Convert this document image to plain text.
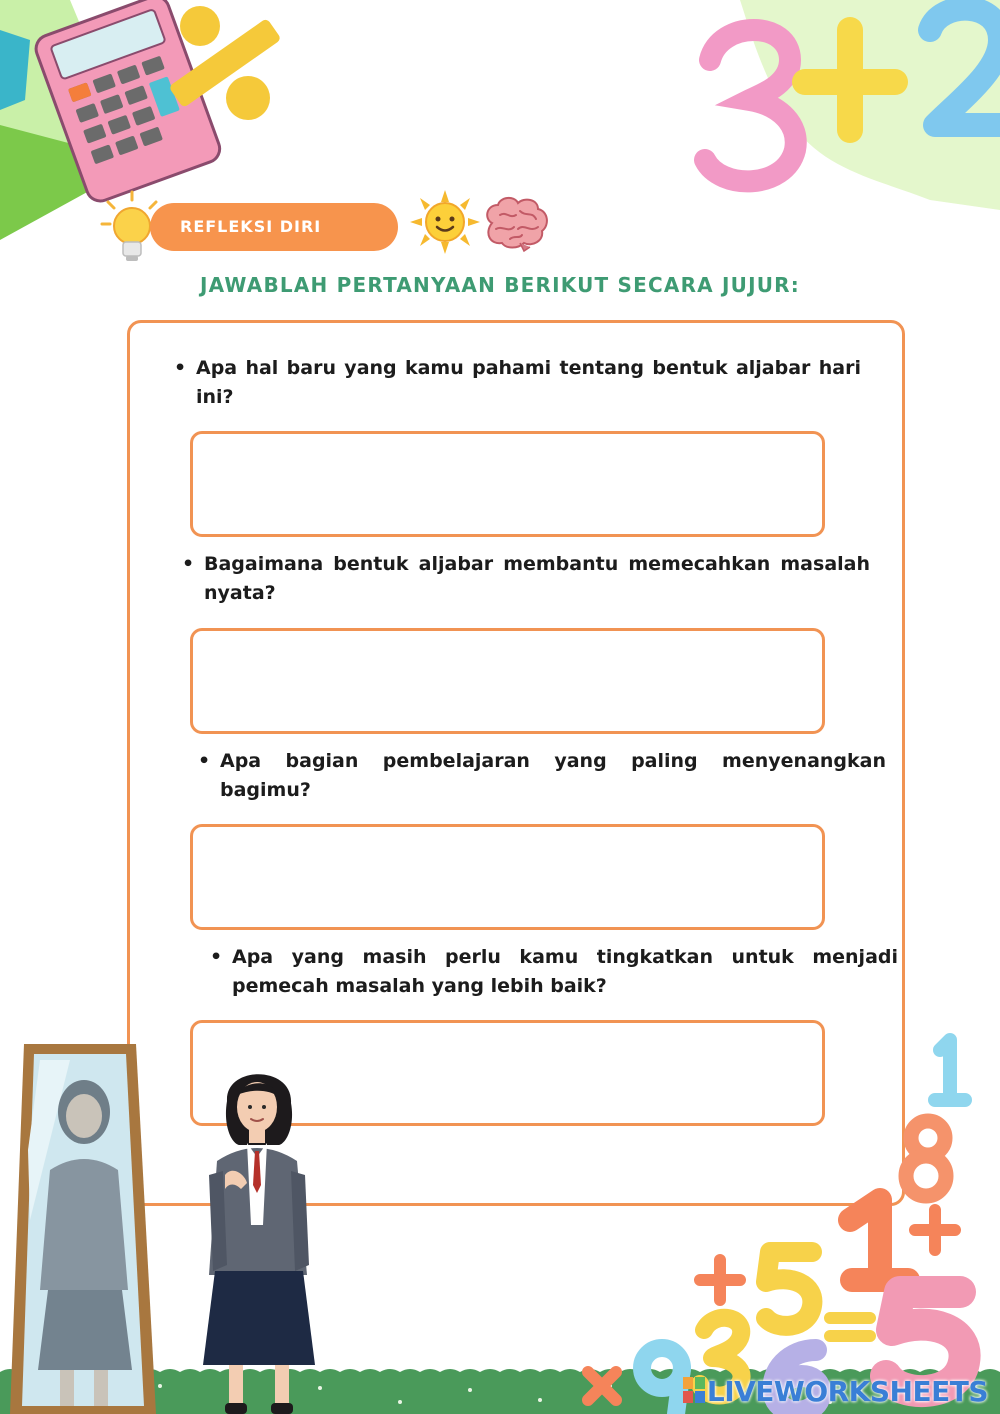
REFLEKSI DIRI
JAWABLAH PERTANYAAN BERIKUT SECARA JUJUR:
• Apa hal baru yang kamu pahami tentang bentuk aljabar hari ini?
• Bagaimana bentuk aljabar membantu memecahkan masalah nyata?
• Apa bagian pembelajaran yang paling menyenangkan bagimu?
• Apa yang masih perlu kamu tingkatkan untuk menjadi pemecah masalah yang lebih baik?
LIVEWORKSHEETS
